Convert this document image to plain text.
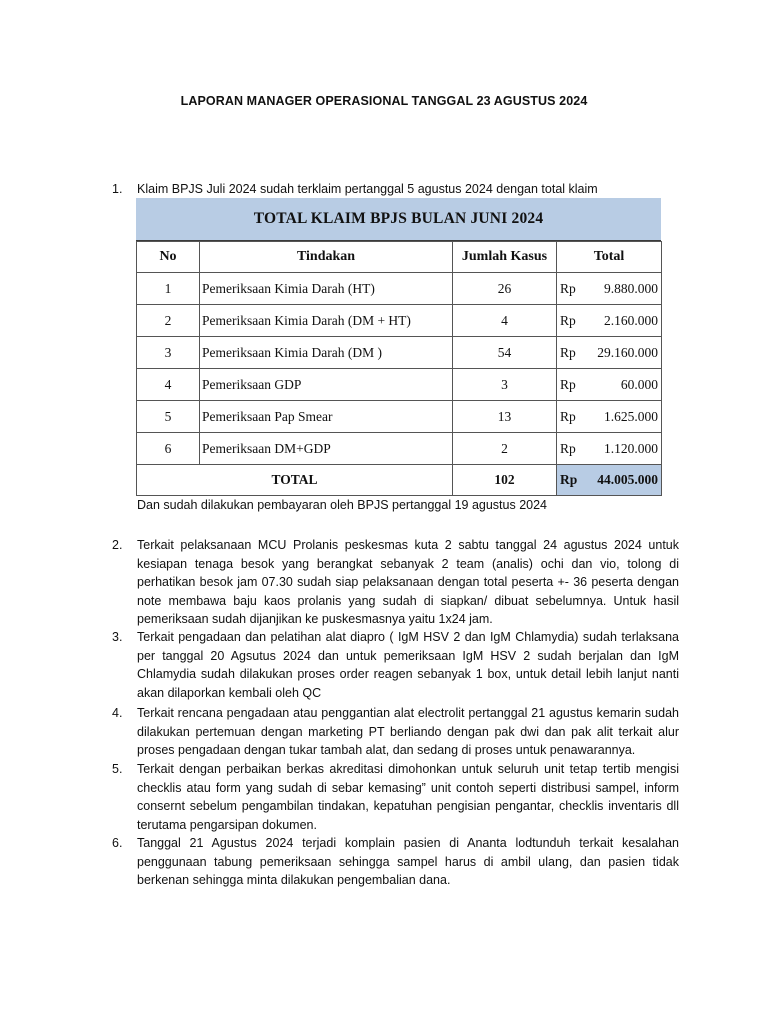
LAPORAN MANAGER OPERASIONAL TANGGAL 23 AGUSTUS 2024
1. Klaim BPJS Juli 2024 sudah terklaim pertanggal 5 agustus 2024 dengan total klaim
TOTAL KLAIM BPJS BULAN JUNI 2024
No	Tindakan	Jumlah Kasus	Total
1	Pemeriksaan Kimia Darah (HT)	26	Rp 9.880.000

2	Pemeriksaan Kimia Darah (DM + HT)	4	Rp 2.160.000

3	Pemeriksaan Kimia Darah (DM )	54	Rp 29.160.000

4	Pemeriksaan GDP	3	Rp 60.000

5	Pemeriksaan Pap Smear	13	Rp 1.625.000

6	Pemeriksaan DM+GDP	2	Rp 1.120.000

TOTAL		102	Rp 44.005.000
Dan sudah dilakukan pembayaran oleh BPJS pertanggal 19 agustus 2024
2. Terkait pelaksanaan MCU Prolanis peskesmas kuta 2 sabtu tanggal 24 agustus 2024 untuk kesiapan tenaga besok yang berangkat sebanyak 2 team (analis) ochi dan vio, tolong di perhatikan besok jam 07.30 sudah siap pelaksanaan dengan total peserta +- 36 peserta dengan note membawa baju kaos prolanis yang sudah di siapkan/ dibuat sebelumnya. Untuk hasil pemeriksaan sudah dijanjikan ke puskesmasnya yaitu 1x24 jam.
3. Terkait pengadaan dan pelatihan alat diapro ( IgM HSV 2 dan IgM Chlamydia) sudah terlaksana per tanggal 20 Agsutus 2024 dan untuk pemeriksaan IgM HSV 2 sudah berjalan dan IgM Chlamydia sudah dilakukan proses order reagen sebanyak 1 box, untuk detail lebih lanjut nanti akan dilaporkan kembali oleh QC
4. Terkait rencana pengadaan atau penggantian alat electrolit pertanggal 21 agustus kemarin sudah dilakukan pertemuan dengan marketing PT berliando dengan pak dwi dan pak alit terkait alur proses pengadaan dengan tukar tambah alat, dan sedang di proses untuk penawarannya.
5. Terkait dengan perbaikan berkas akreditasi dimohonkan untuk seluruh unit tetap tertib mengisi checklis atau form yang sudah di sebar kemasing” unit contoh seperti distribusi sampel, inform consernt sebelum pengambilan tindakan, kepatuhan pengisian pengantar, checklis inventaris dll terutama pengarsipan dokumen.
6. Tanggal 21 Agustus 2024 terjadi komplain pasien di Ananta lodtunduh terkait kesalahan penggunaan tabung pemeriksaan sehingga sampel harus di ambil ulang, dan pasien tidak berkenan sehingga minta dilakukan pengembalian dana.
